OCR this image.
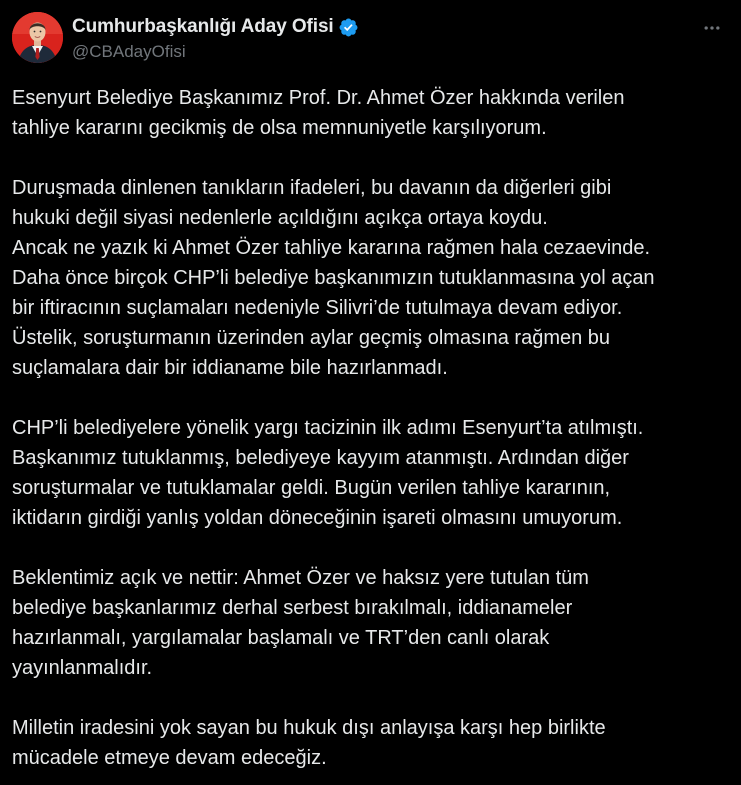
Cumhurbaşkanlığı Aday Ofisi
@CBAdayOfisi
Esenyurt Belediye Başkanımız Prof. Dr. Ahmet Özer hakkında verilen
tahliye kararını gecikmiş de olsa memnuniyetle karşılıyorum.
Duruşmada dinlenen tanıkların ifadeleri, bu davanın da diğerleri gibi
hukuki değil siyasi nedenlerle açıldığını açıkça ortaya koydu.
Ancak ne yazık ki Ahmet Özer tahliye kararına rağmen hala cezaevinde.
Daha önce birçok CHP’li belediye başkanımızın tutuklanmasına yol açan
bir iftiracının suçlamaları nedeniyle Silivri’de tutulmaya devam ediyor.
Üstelik, soruşturmanın üzerinden aylar geçmiş olmasına rağmen bu
suçlamalara dair bir iddianame bile hazırlanmadı.
CHP’li belediyelere yönelik yargı tacizinin ilk adımı Esenyurt’ta atılmıştı.
Başkanımız tutuklanmış, belediyeye kayyım atanmıştı. Ardından diğer
soruşturmalar ve tutuklamalar geldi. Bugün verilen tahliye kararının,
iktidarın girdiği yanlış yoldan döneceğinin işareti olmasını umuyorum.
Beklentimiz açık ve nettir: Ahmet Özer ve haksız yere tutulan tüm
belediye başkanlarımız derhal serbest bırakılmalı, iddianameler
hazırlanmalı, yargılamalar başlamalı ve TRT’den canlı olarak
yayınlanmalıdır.
Milletin iradesini yok sayan bu hukuk dışı anlayışa karşı hep birlikte
mücadele etmeye devam edeceğiz.
